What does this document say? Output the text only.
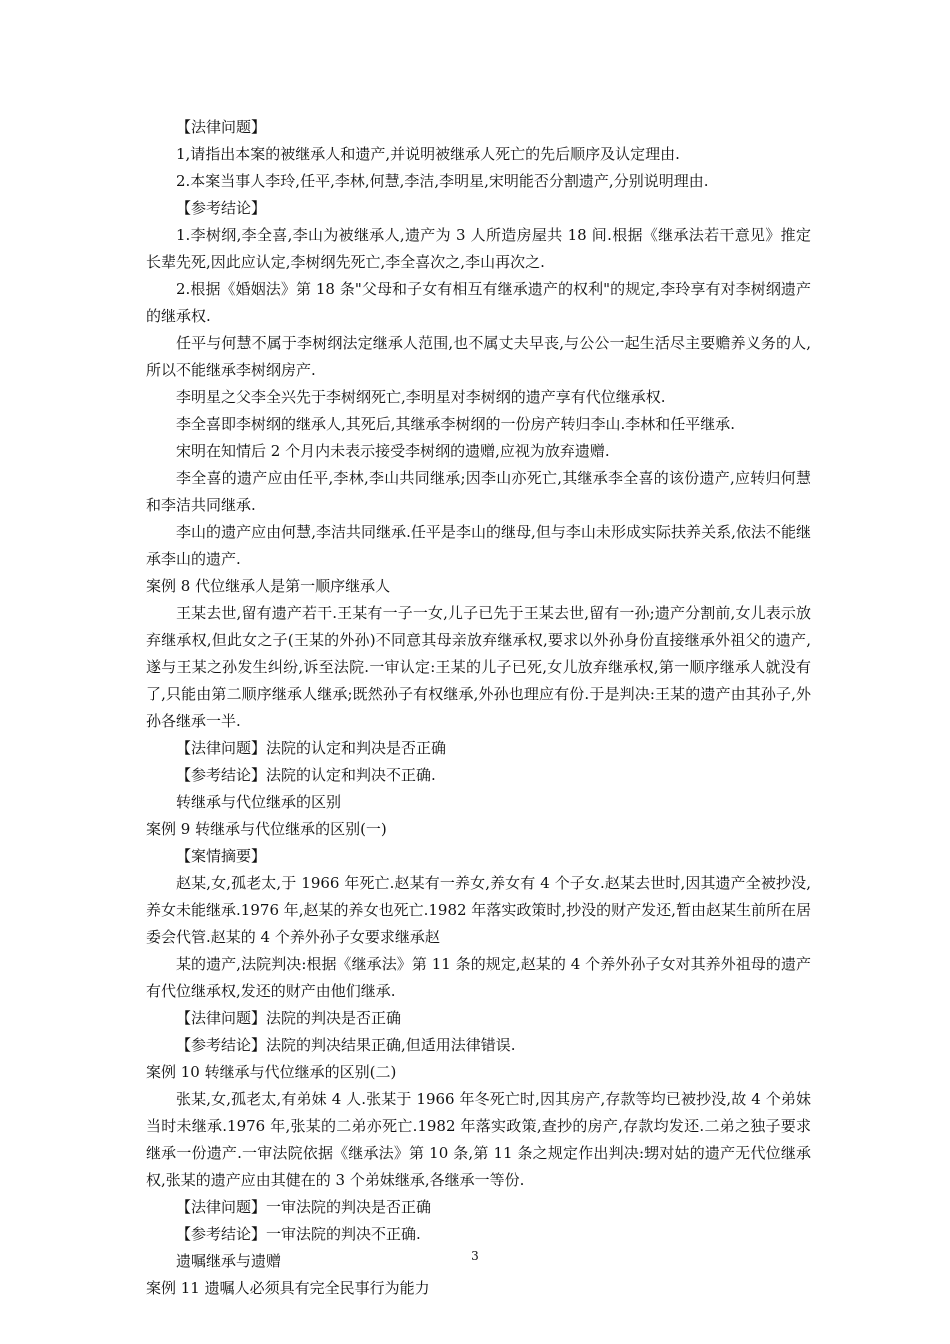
【法律问题】

1,请指出本案的被继承人和遗产,并说明被继承人死亡的先后顺序及认定理由.

2.本案当事人李玲,任平,李林,何慧,李洁,李明星,宋明能否分割遗产,分别说明理由.

【参考结论】

1.李树纲,李全喜,李山为被继承人,遗产为 3 人所造房屋共 18 间.根据《继承法若干意见》推定长辈先死,因此应认定,李树纲先死亡,李全喜次之,李山再次之.

2.根据《婚姻法》第 18 条"父母和子女有相互有继承遗产的权利"的规定,李玲享有对李树纲遗产的继承权.

任平与何慧不属于李树纲法定继承人范围,也不属丈夫早丧,与公公一起生活尽主要赡养义务的人,所以不能继承李树纲房产.

李明星之父李全兴先于李树纲死亡,李明星对李树纲的遗产享有代位继承权.

李全喜即李树纲的继承人,其死后,其继承李树纲的一份房产转归李山.李林和任平继承.

宋明在知情后 2 个月内未表示接受李树纲的遗赠,应视为放弃遗赠.

李全喜的遗产应由任平,李林,李山共同继承;因李山亦死亡,其继承李全喜的该份遗产,应转归何慧和李洁共同继承.

李山的遗产应由何慧,李洁共同继承.任平是李山的继母,但与李山未形成实际扶养关系,依法不能继承李山的遗产.

案例 8 代位继承人是第一顺序继承人

王某去世,留有遗产若干.王某有一子一女,儿子已先于王某去世,留有一孙;遗产分割前,女儿表示放弃继承权,但此女之子(王某的外孙)不同意其母亲放弃继承权,要求以外孙身份直接继承外祖父的遗产,遂与王某之孙发生纠纷,诉至法院.一审认定:王某的儿子已死,女儿放弃继承权,第一顺序继承人就没有了,只能由第二顺序继承人继承;既然孙子有权继承,外孙也理应有份.于是判决:王某的遗产由其孙子,外孙各继承一半.

【法律问题】法院的认定和判决是否正确

【参考结论】法院的认定和判决不正确.

转继承与代位继承的区别

案例 9 转继承与代位继承的区别(一)

【案情摘要】

赵某,女,孤老太,于 1966 年死亡.赵某有一养女,养女有 4 个子女.赵某去世时,因其遗产全被抄没,养女未能继承.1976 年,赵某的养女也死亡.1982 年落实政策时,抄没的财产发还,暂由赵某生前所在居委会代管.赵某的 4 个养外孙子女要求继承赵

某的遗产,法院判决:根据《继承法》第 11 条的规定,赵某的 4 个养外孙子女对其养外祖母的遗产有代位继承权,发还的财产由他们继承.

【法律问题】法院的判决是否正确

【参考结论】法院的判决结果正确,但适用法律错误.

案例 10 转继承与代位继承的区别(二)

张某,女,孤老太,有弟妹 4 人.张某于 1966 年冬死亡时,因其房产,存款等均已被抄没,故 4 个弟妹当时未继承.1976 年,张某的二弟亦死亡.1982 年落实政策,查抄的房产,存款均发还.二弟之独子要求继承一份遗产.一审法院依据《继承法》第 10 条,第 11 条之规定作出判决:甥对姑的遗产无代位继承权,张某的遗产应由其健在的 3 个弟妹继承,各继承一等份.

【法律问题】一审法院的判决是否正确

【参考结论】一审法院的判决不正确.

遗嘱继承与遗赠

案例 11 遗嘱人必须具有完全民事行为能力

3
